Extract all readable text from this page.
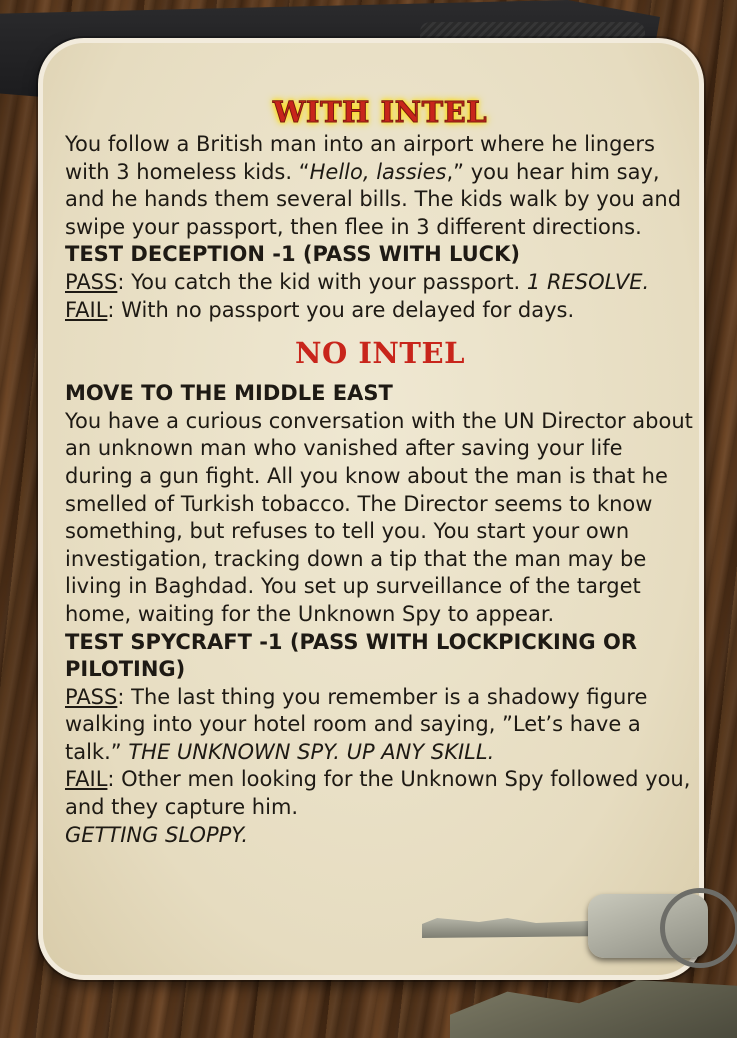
WITH INTEL

You follow a British man into an airport where he lingers with 3 homeless kids. “Hello, lassies,” you hear him say, and he hands them several bills. The kids walk by you and swipe your passport, then flee in 3 different directions.

TEST DECEPTION -1 (PASS WITH LUCK)

PASS: You catch the kid with your passport. 1 RESOLVE.

FAIL: With no passport you are delayed for days.

NO INTEL

MOVE TO THE MIDDLE EAST

You have a curious conversation with the UN Director about an unknown man who vanished after saving your life during a gun fight. All you know about the man is that he smelled of Turkish tobacco. The Director seems to know something, but refuses to tell you. You start your own investigation, tracking down a tip that the man may be living in Baghdad. You set up surveillance of the target home, waiting for the Unknown Spy to appear.

TEST SPYCRAFT -1 (PASS WITH LOCKPICKING OR PILOTING)

PASS: The last thing you remember is a shadowy figure walking into your hotel room and saying, ”Let’s have a talk.” THE UNKNOWN SPY. UP ANY SKILL.

FAIL: Other men looking for the Unknown Spy followed you, and they capture him.

GETTING SLOPPY.
